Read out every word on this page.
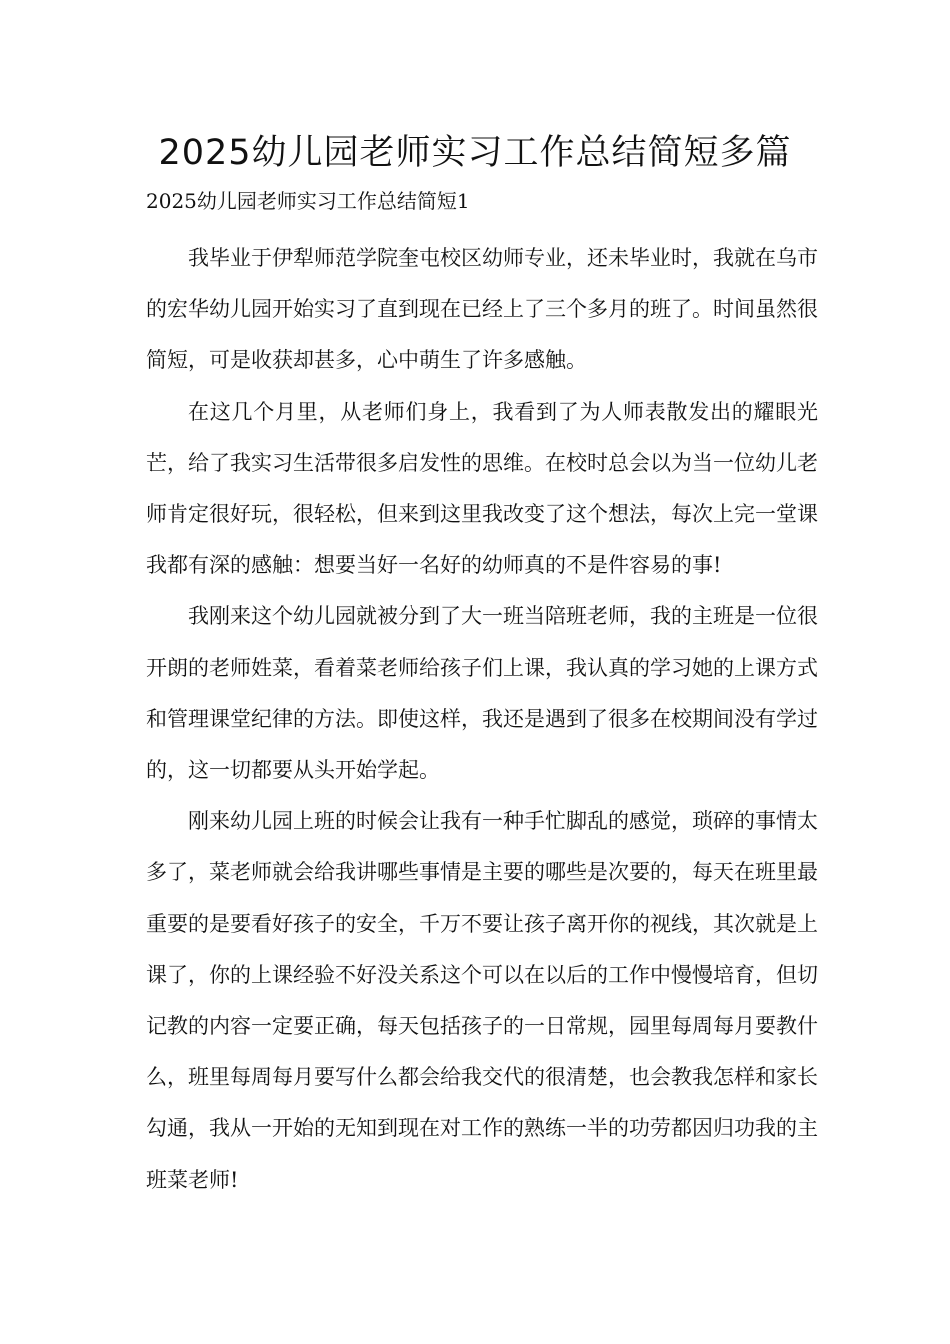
2025幼儿园老师实习工作总结简短多篇
2025幼儿园老师实习工作总结简短1

我毕业于伊犁师范学院奎屯校区幼师专业，还未毕业时，我就在乌市的宏华幼儿园开始实习了直到现在已经上了三个多月的班了。时间虽然很简短，可是收获却甚多，心中萌生了许多感触。

在这几个月里，从老师们身上，我看到了为人师表散发出的耀眼光芒，给了我实习生活带很多启发性的思维。在校时总会以为当一位幼儿老师肯定很好玩，很轻松，但来到这里我改变了这个想法，每次上完一堂课我都有深的感触：想要当好一名好的幼师真的不是件容易的事!

我刚来这个幼儿园就被分到了大一班当陪班老师，我的主班是一位很开朗的老师姓菜，看着菜老师给孩子们上课，我认真的学习她的上课方式和管理课堂纪律的方法。即使这样，我还是遇到了很多在校期间没有学过的，这一切都要从头开始学起。

刚来幼儿园上班的时候会让我有一种手忙脚乱的感觉，琐碎的事情太多了，菜老师就会给我讲哪些事情是主要的哪些是次要的，每天在班里最重要的是要看好孩子的安全，千万不要让孩子离开你的视线，其次就是上课了，你的上课经验不好没关系这个可以在以后的工作中慢慢培育，但切记教的内容一定要正确，每天包括孩子的一日常规，园里每周每月要教什么，班里每周每月要写什么都会给我交代的很清楚，也会教我怎样和家长勾通，我从一开始的无知到现在对工作的熟练一半的功劳都因归功我的主班菜老师!
